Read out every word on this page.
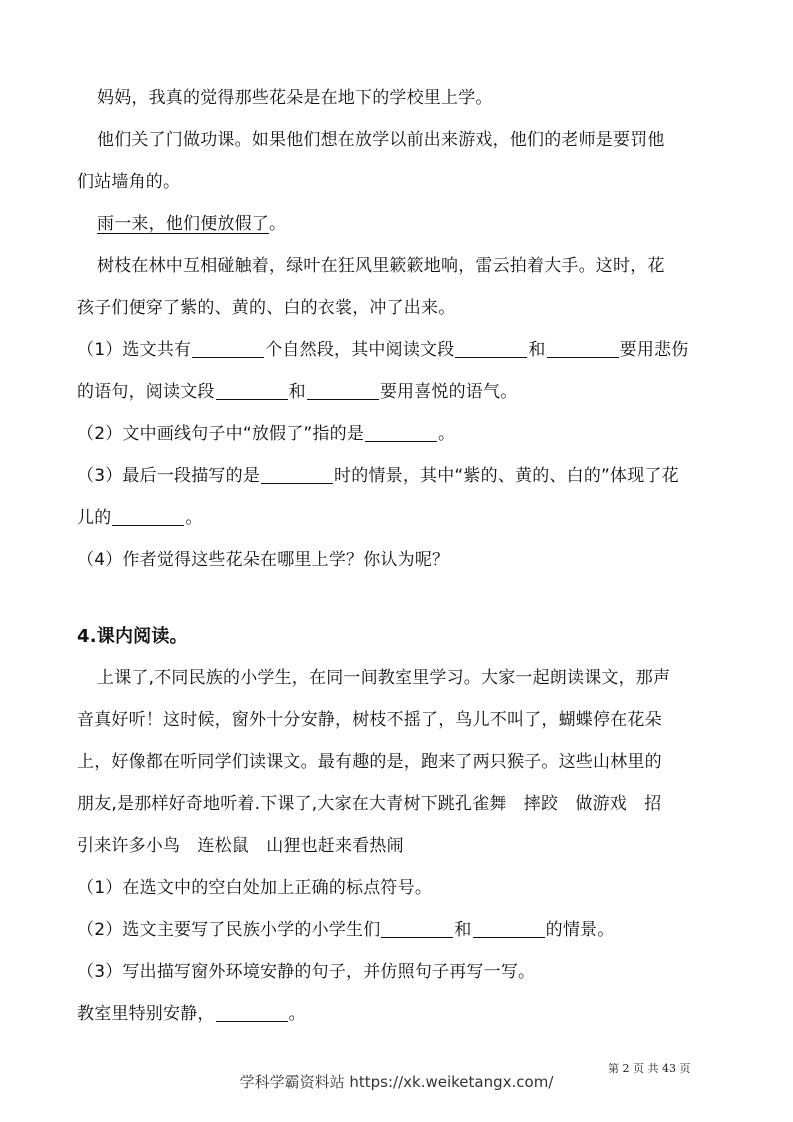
妈妈，我真的觉得那些花朵是在地下的学校里上学。
他们关了门做功课。如果他们想在放学以前出来游戏，他们的老师是要罚他
们站墙角的。
雨一来，他们便放假了。
树枝在林中互相碰触着，绿叶在狂风里簌簌地响，雷云拍着大手。这时，花
孩子们便穿了紫的、黄的、白的衣裳，冲了出来。
（1）选文共有	个自然段，其中阅读文段	和	要用悲伤
的语句，阅读文段	和	要用喜悦的语气。
（2）文中画线句子中“放假了”指的是	。
（3）最后一段描写的是	时的情景，其中“紫的、黄的、白的”体现了花
儿的	。
（4）作者觉得这些花朵在哪里上学？你认为呢？
4.课内阅读。
上课了,不同民族的小学生，在同一间教室里学习。大家一起朗读课文，那声
音真好听！这时候，窗外十分安静，树枝不摇了，鸟儿不叫了，蝴蝶停在花朵
上，好像都在听同学们读课文。最有趣的是，跑来了两只猴子。这些山林里的
朋友,是那样好奇地听着.下课了,大家在大青树下跳孔雀舞　摔跤　做游戏　招
引来许多小鸟　连松鼠　山狸也赶来看热闹
（1）在选文中的空白处加上正确的标点符号。
（2）选文主要写了民族小学的小学生们	和	的情景。
（3）写出描写窗外环境安静的句子，并仿照句子再写一写。
教室里特别安静，	。
第 2 页 共 43 页
学科学霸资料站 https://xk.weiketangx.com/
